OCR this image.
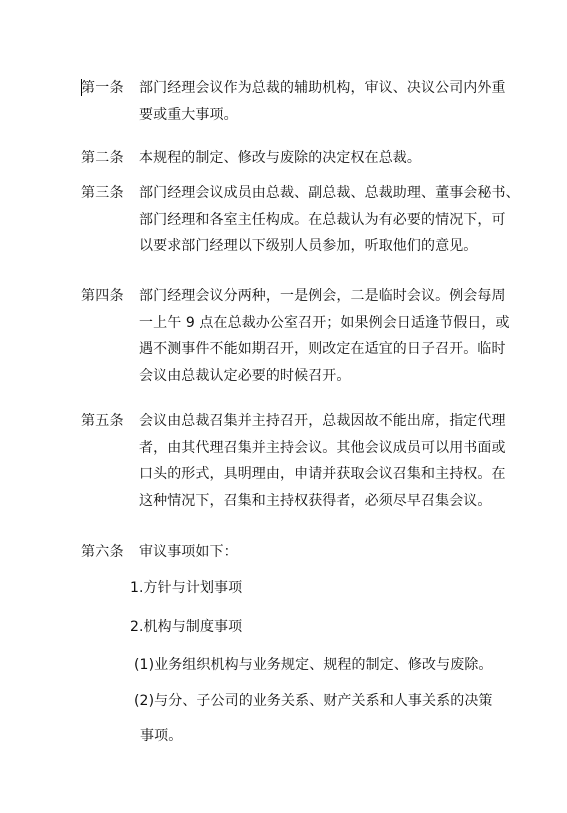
第一条	部门经理会议作为总裁的辅助机构，审议、决议公司内外重
要或重大事项。
第二条	本规程的制定、修改与废除的决定权在总裁。
第三条	部门经理会议成员由总裁、副总裁、总裁助理、董事会秘书、
部门经理和各室主任构成。在总裁认为有必要的情况下，可
以要求部门经理以下级别人员参加，听取他们的意见。
第四条	部门经理会议分两种，一是例会，二是临时会议。例会每周
一上午 9 点在总裁办公室召开；如果例会日适逢节假日，或
遇不测事件不能如期召开，则改定在适宜的日子召开。临时
会议由总裁认定必要的时候召开。
第五条	会议由总裁召集并主持召开，总裁因故不能出席，指定代理
者，由其代理召集并主持会议。其他会议成员可以用书面或
口头的形式，具明理由，申请并获取会议召集和主持权。在
这种情况下，召集和主持权获得者，必须尽早召集会议。
第六条	审议事项如下：
1.方针与计划事项
2.机构与制度事项
(1)业务组织机构与业务规定、规程的制定、修改与废除。
(2)与分、子公司的业务关系、财产关系和人事关系的决策
事项。
